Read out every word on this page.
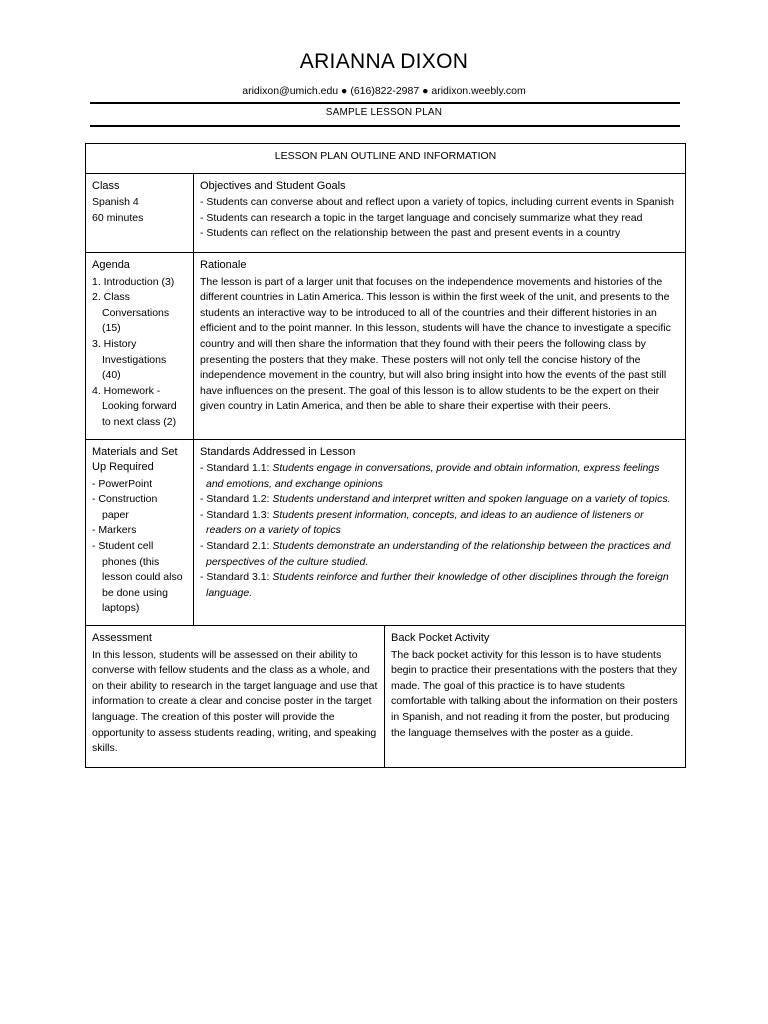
ARIANNA DIXON
aridixon@umich.edu ● (616)822-2987 ● aridixon.weebly.com
SAMPLE LESSON PLAN
LESSON PLAN OUTLINE AND INFORMATION

Class
Spanish 4
60 minutes

Objectives and Student Goals
- Students can converse about and reflect upon a variety of topics, including current events in Spanish
- Students can research a topic in the target language and concisely summarize what they read
- Students can reflect on the relationship between the past and present events in a country

Agenda
1. Introduction (3)
2. Class Conversations (15)
3. History Investigations (40)
4. Homework - Looking forward to next class (2)

Rationale
The lesson is part of a larger unit that focuses on the independence movements and histories of the different countries in Latin America. This lesson is within the first week of the unit, and presents to the students an interactive way to be introduced to all of the countries and their different histories in an efficient and to the point manner. In this lesson, students will have the chance to investigate a specific country and will then share the information that they found with their peers the following class by presenting the posters that they make. These posters will not only tell the concise history of the independence movement in the country, but will also bring insight into how the events of the past still have influences on the present. The goal of this lesson is to allow students to be the expert on their given country in Latin America, and then be able to share their expertise with their peers.

Materials and Set Up Required
- PowerPoint
- Construction paper
- Markers
- Student cell phones (this lesson could also be done using laptops)

Standards Addressed in Lesson
- Standard 1.1: Students engage in conversations, provide and obtain information, express feelings and emotions, and exchange opinions
- Standard 1.2: Students understand and interpret written and spoken language on a variety of topics.
- Standard 1.3: Students present information, concepts, and ideas to an audience of listeners or readers on a variety of topics
- Standard 2.1: Students demonstrate an understanding of the relationship between the practices and perspectives of the culture studied.
- Standard 3.1: Students reinforce and further their knowledge of other disciplines through the foreign language.

Assessment
In this lesson, students will be assessed on their ability to converse with fellow students and the class as a whole, and on their ability to research in the target language and use that information to create a clear and concise poster in the target language. The creation of this poster will provide the opportunity to assess students reading, writing, and speaking skills.

Back Pocket Activity
The back pocket activity for this lesson is to have students begin to practice their presentations with the posters that they made. The goal of this practice is to have students comfortable with talking about the information on their posters in Spanish, and not reading it from the poster, but producing the language themselves with the poster as a guide.
